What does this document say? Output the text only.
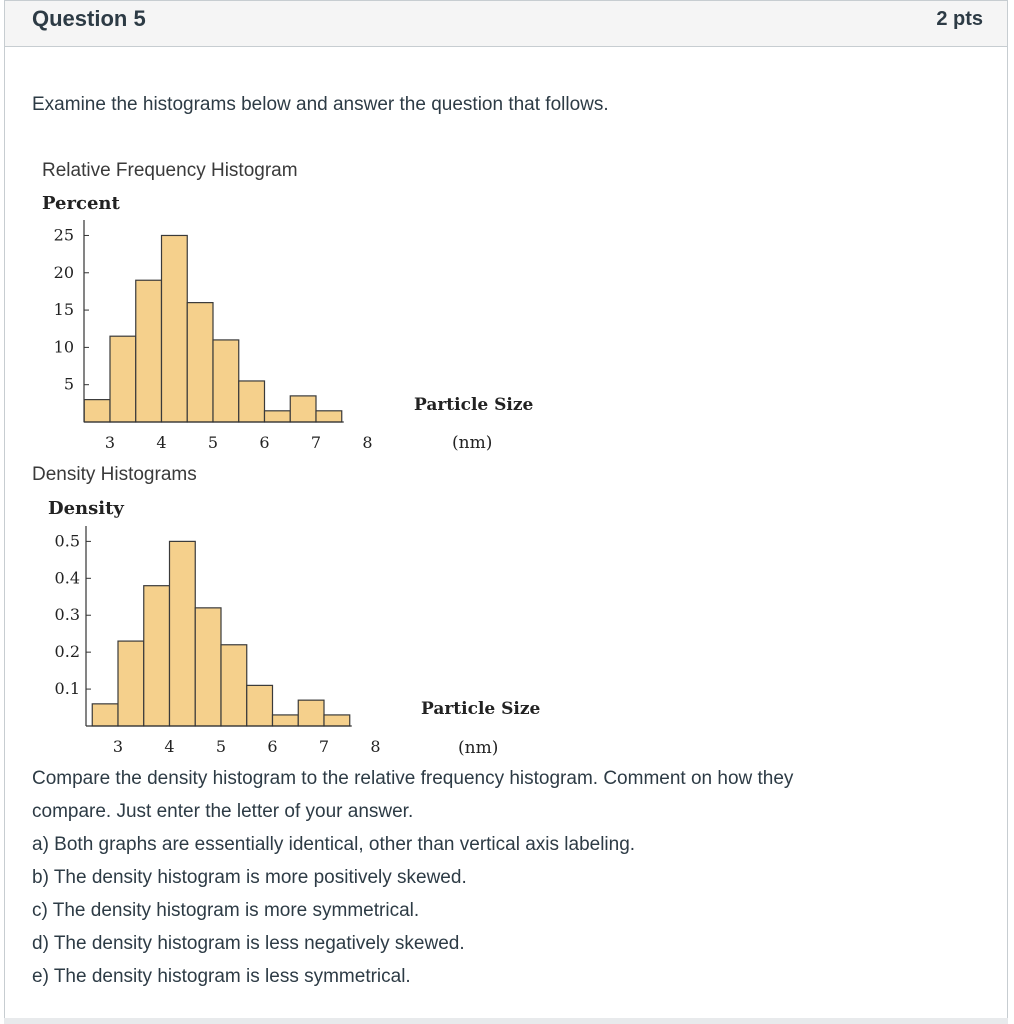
Question 5	2 pts
Examine the histograms below and answer the question that follows.
Relative Frequency Histogram
Density Histograms
Percent
5
10
15
20
25
3	4	5	6	7	8
Particle Size
(nm)
Density
0.1
0.2
0.3
0.4
0.5
3	4	5	6	7	8
Particle Size
(nm)
Compare the density histogram to the relative frequency histogram. Comment on how they
compare. Just enter the letter of your answer.
a) Both graphs are essentially identical, other than vertical axis labeling.
b) The density histogram is more positively skewed.
c) The density histogram is more symmetrical.
d) The density histogram is less negatively skewed.
e) The density histogram is less symmetrical.
